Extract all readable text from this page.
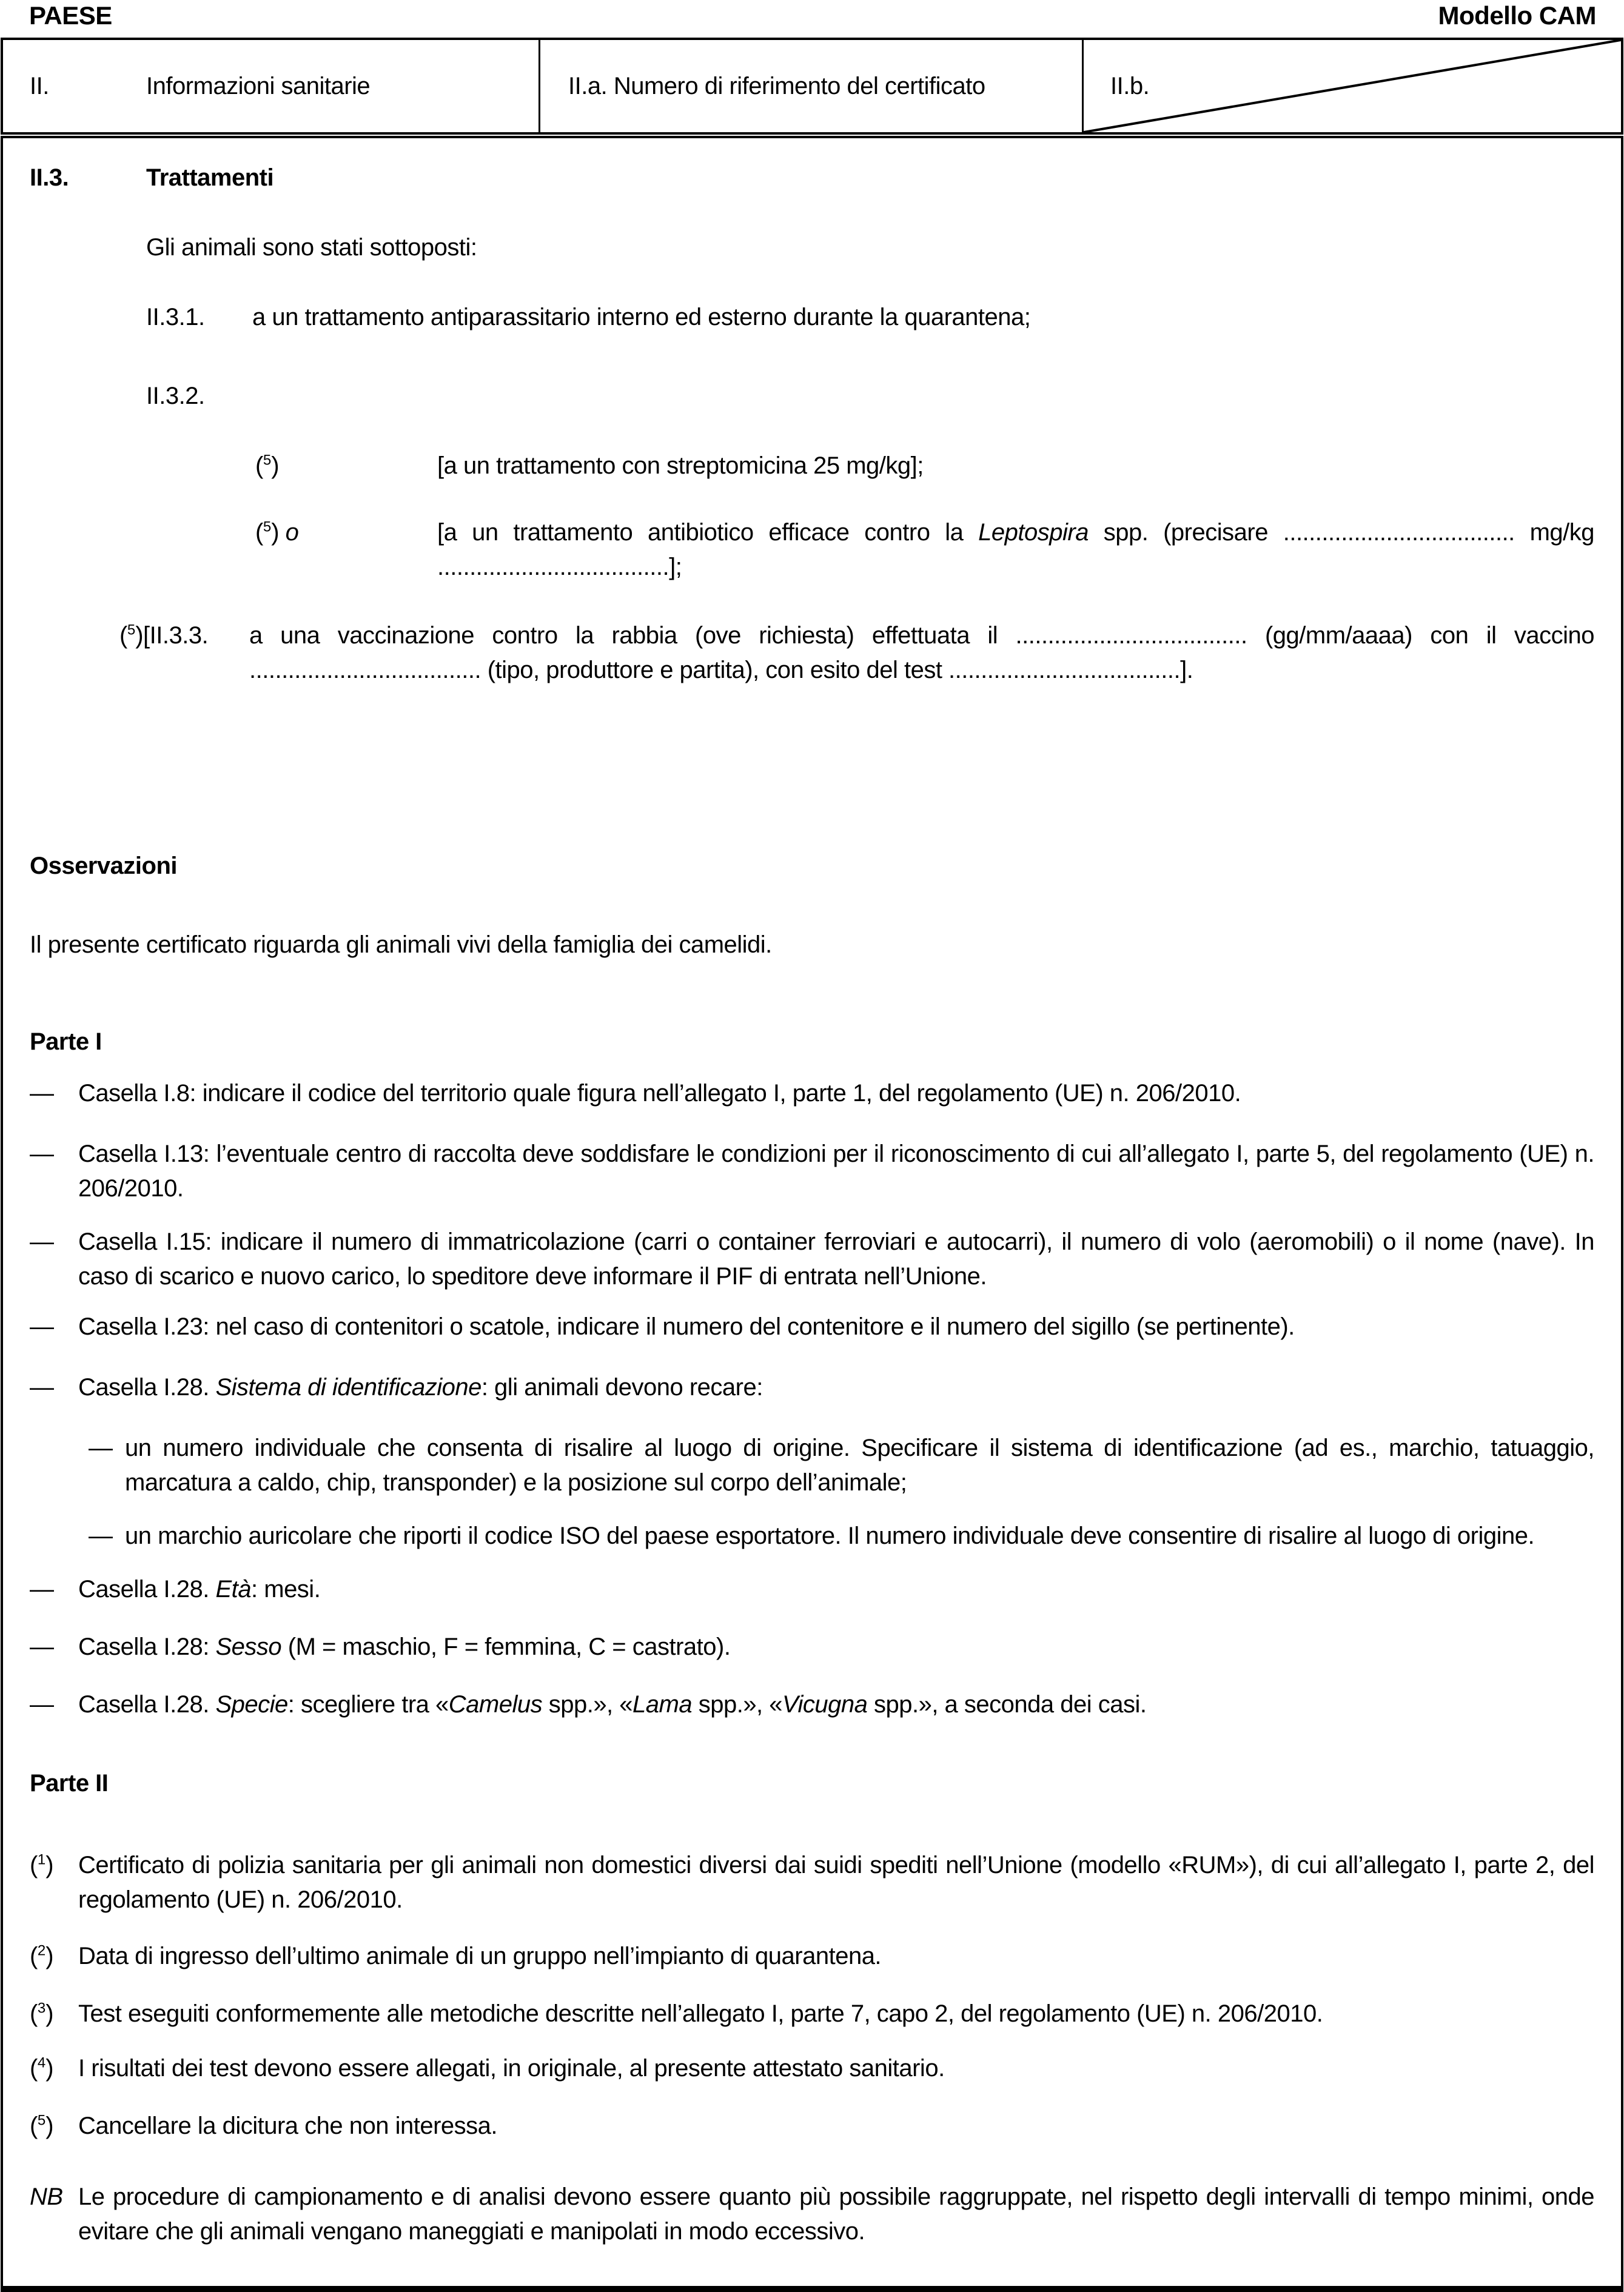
PAESE	Modello CAM
II.	Informazioni sanitarie	II.a. Numero di riferimento del certificato	II.b.
II.3.	Trattamenti
Gli animali sono stati sottoposti:
II.3.1.	a un trattamento antiparassitario interno ed esterno durante la quarantena;
II.3.2.
($^5$)	[a un trattamento con streptomicina 25 mg/kg];
($^5$) o	[a un trattamento antibiotico efficace contro la Leptospira spp. (precisare .................................... mg/kg ....................................];
($^5$)[II.3.3.	a una vaccinazione contro la rabbia (ove richiesta) effettuata il .................................... (gg/mm/aaaa) con il vaccino .................................... (tipo, produttore e partita), con esito del test ....................................].
Osservazioni
Il presente certificato riguarda gli animali vivi della famiglia dei camelidi.
Parte I
—	Casella I.8: indicare il codice del territorio quale figura nell’allegato I, parte 1, del regolamento (UE) n. 206/2010.
—	Casella I.13: l’eventuale centro di raccolta deve soddisfare le condizioni per il riconoscimento di cui all’allegato I, parte 5, del regolamento (UE) n. 206/2010.
—	Casella I.15: indicare il numero di immatricolazione (carri o container ferroviari e autocarri), il numero di volo (aeromobili) o il nome (nave). In caso di scarico e nuovo carico, lo speditore deve informare il PIF di entrata nell’Unione.
—	Casella I.23: nel caso di contenitori o scatole, indicare il numero del contenitore e il numero del sigillo (se pertinente).
—	Casella I.28. Sistema di identificazione: gli animali devono recare:
— un numero individuale che consenta di risalire al luogo di origine. Specificare il sistema di identificazione (ad es., marchio, tatuaggio, marcatura a caldo, chip, transponder) e la posizione sul corpo dell’animale;
— un marchio auricolare che riporti il codice ISO del paese esportatore. Il numero individuale deve consentire di risalire al luogo di origine.
—	Casella I.28. Età: mesi.
—	Casella I.28: Sesso (M = maschio, F = femmina, C = castrato).
—	Casella I.28. Specie: scegliere tra «Camelus spp.», «Lama spp.», «Vicugna spp.», a seconda dei casi.
Parte II
($^1$)	Certificato di polizia sanitaria per gli animali non domestici diversi dai suidi spediti nell’Unione (modello «RUM»), di cui all’allegato I, parte 2, del regolamento (UE) n. 206/2010.
($^2$)	Data di ingresso dell’ultimo animale di un gruppo nell’impianto di quarantena.
($^3$)	Test eseguiti conformemente alle metodiche descritte nell’allegato I, parte 7, capo 2, del regolamento (UE) n. 206/2010.
($^4$)	I risultati dei test devono essere allegati, in originale, al presente attestato sanitario.
($^5$)	Cancellare la dicitura che non interessa.
NB Le procedure di campionamento e di analisi devono essere quanto più possibile raggruppate, nel rispetto degli intervalli di tempo minimi, onde evitare che gli animali vengano maneggiati e manipolati in modo eccessivo.
